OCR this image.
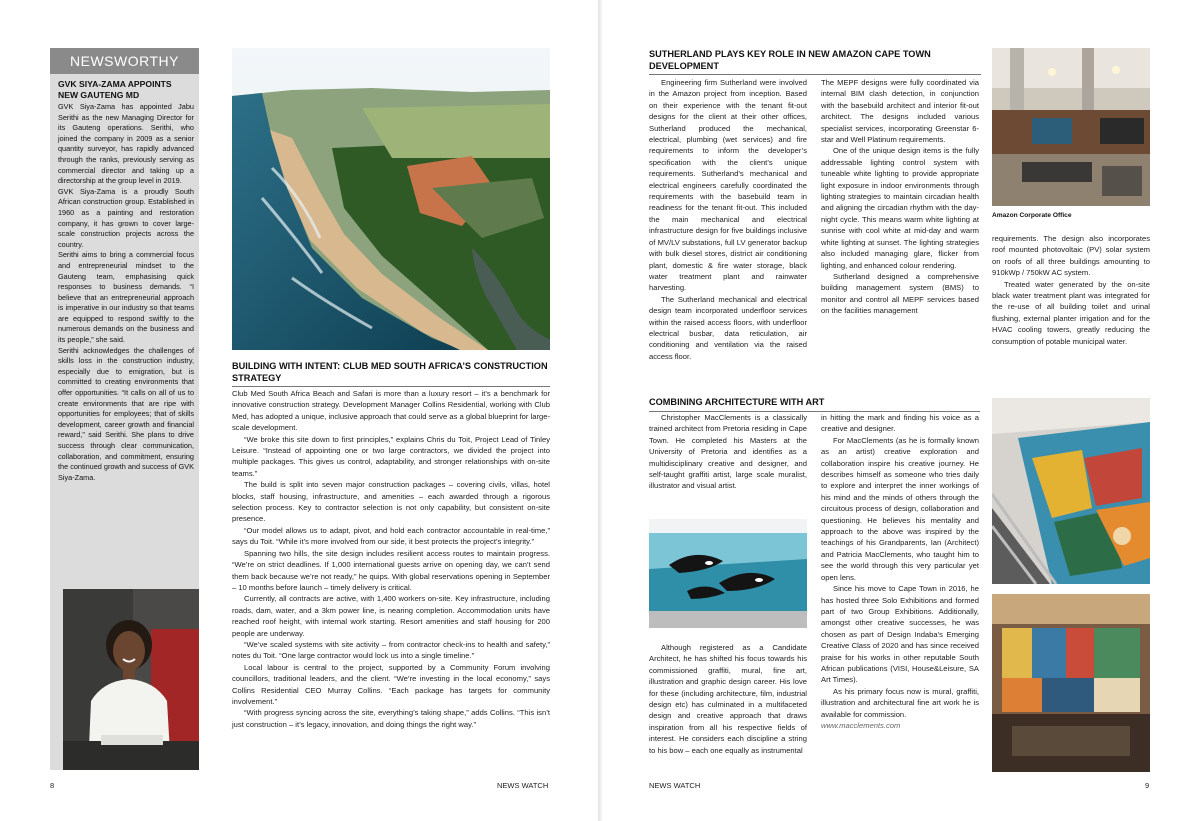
NEWSWORTHY
GVK SIYA-ZAMA APPOINTS NEW GAUTENG MD

GVK Siya-Zama has appointed Jabu Serithi as the new Managing Director for its Gauteng operations. Serithi, who joined the company in 2009 as a senior quantity surveyor, has rapidly advanced through the ranks, previously serving as commercial director and taking up a directorship at the group level in 2019.

GVK Siya-Zama is a proudly South African construction group. Established in 1960 as a painting and restoration company, it has grown to cover large-scale construction projects across the country.

Serithi aims to bring a commercial focus and entrepreneurial mindset to the Gauteng team, emphasising quick responses to business demands. “I believe that an entrepreneurial approach is imperative in our industry so that teams are equipped to respond swiftly to the numerous demands on the business and its people,” she said.

Serithi acknowledges the challenges of skills loss in the construction industry, especially due to emigration, but is committed to creating environments that offer opportunities. “It calls on all of us to create environments that are ripe with opportunities for employees; that of skills development, career growth and financial reward,” said Serithi. She plans to drive success through clear communication, collaboration, and commitment, ensuring the continued growth and success of GVK Siya-Zama.

BUILDING WITH INTENT: CLUB MED SOUTH AFRICA’S CONSTRUCTION STRATEGY

Club Med South Africa Beach and Safari is more than a luxury resort – it’s a benchmark for innovative construction strategy. Development Manager Collins Residential, working with Club Med, has adopted a unique, inclusive approach that could serve as a global blueprint for large-scale development.

“We broke this site down to first principles,” explains Chris du Toit, Project Lead of Tinley Leisure. “Instead of appointing one or two large contractors, we divided the project into multiple packages. This gives us control, adaptability, and stronger relationships with on-site teams.”

The build is split into seven major construction packages – covering civils, villas, hotel blocks, staff housing, infrastructure, and amenities – each awarded through a rigorous selection process. Key to contractor selection is not only capability, but consistent on-site presence.

“Our model allows us to adapt, pivot, and hold each contractor accountable in real-time,” says du Toit. “While it’s more involved from our side, it best protects the project’s integrity.”

Spanning two hills, the site design includes resilient access routes to maintain progress. “We’re on strict deadlines. If 1,000 international guests arrive on opening day, we can’t send them back because we’re not ready,” he quips. With global reservations opening in September – 10 months before launch – timely delivery is critical.

Currently, all contracts are active, with 1,400 workers on-site. Key infrastructure, including roads, dam, water, and a 3km power line, is nearing completion. Accommodation units have reached roof height, with internal work starting. Resort amenities and staff housing for 200 people are underway.

“We’ve scaled systems with site activity – from contractor check-ins to health and safety,” notes du Toit. “One large contractor would lock us into a single timeline.”

Local labour is central to the project, supported by a Community Forum involving councillors, traditional leaders, and the client. “We’re investing in the local economy,” says Collins Residential CEO Murray Collins. “Each package has targets for community involvement.”

“With progress syncing across the site, everything’s taking shape,” adds Collins. “This isn’t just construction – it’s legacy, innovation, and doing things the right way.”

8	NEWS WATCH
SUTHERLAND PLAYS KEY ROLE IN NEW AMAZON CAPE TOWN DEVELOPMENT

Engineering firm Sutherland were involved in the Amazon project from inception. Based on their experience with the tenant fit-out designs for the client at their other offices, Sutherland produced the mechanical, electrical, plumbing (wet services) and fire requirements to inform the developer’s specification with the client’s unique requirements. Sutherland’s mechanical and electrical engineers carefully coordinated the requirements with the basebuild team in readiness for the tenant fit-out. This included the main mechanical and electrical infrastructure design for five buildings inclusive of MV/LV substations, full LV generator backup with bulk diesel stores, district air conditioning plant, domestic & fire water storage, black water treatment plant and rainwater harvesting.

The Sutherland mechanical and electrical design team incorporated underfloor services within the raised access floors, with underfloor electrical busbar, data reticulation, air conditioning and ventilation via the raised access floor.

The MEPF designs were fully coordinated via internal BIM clash detection, in conjunction with the basebuild architect and interior fit-out architect. The designs included various specialist services, incorporating Greenstar 6-star and Well Platinum requirements.

One of the unique design items is the fully addressable lighting control system with tuneable white lighting to provide appropriate light exposure in indoor environments through lighting strategies to maintain circadian health and aligning the circadian rhythm with the day-night cycle. This means warm white lighting at sunrise with cool white at mid-day and warm white lighting at sunset. The lighting strategies also included managing glare, flicker from lighting, and enhanced colour rendering.

Sutherland designed a comprehensive building management system (BMS) to monitor and control all MEPF services based on the facilities management

Amazon Corporate Office

requirements. The design also incorporates roof mounted photovoltaic (PV) solar system on roofs of all three buildings amounting to 910kWp / 750kW AC system.

Treated water generated by the on-site black water treatment plant was integrated for the re-use of all building toilet and urinal flushing, external planter irrigation and for the HVAC cooling towers, greatly reducing the consumption of potable municipal water.

COMBINING ARCHITECTURE WITH ART

Christopher MacClements is a classically trained architect from Pretoria residing in Cape Town. He completed his Masters at the University of Pretoria and identifies as a multidisciplinary creative and designer, and self-taught graffiti artist, large scale muralist, illustrator and visual artist.

Although registered as a Candidate Architect, he has shifted his focus towards his commissioned graffiti, mural, fine art, illustration and graphic design career. His love for these (including architecture, film, industrial design etc) has culminated in a multifaceted design and creative approach that draws inspiration from all his respective fields of interest. He considers each discipline a string to his bow – each one equally as instrumental

in hitting the mark and finding his voice as a creative and designer.

For MacClements (as he is formally known as an artist) creative exploration and collaboration inspire his creative journey. He describes himself as someone who tries daily to explore and interpret the inner workings of his mind and the minds of others through the circuitous process of design, collaboration and questioning. He believes his mentality and approach to the above was inspired by the teachings of his Grandparents, Ian (Architect) and Patricia MacClements, who taught him to see the world through this very particular yet open lens.

Since his move to Cape Town in 2016, he has hosted three Solo Exhibitions and formed part of two Group Exhibitions. Additionally, amongst other creative successes, he was chosen as part of Design Indaba’s Emerging Creative Class of 2020 and has since received praise for his works in other reputable South African publications (VISI, House&Leisure, SA Art Times).

As his primary focus now is mural, graffiti, illustration and architectural fine art work he is available for commission.

www.macclements.com

NEWS WATCH	9
